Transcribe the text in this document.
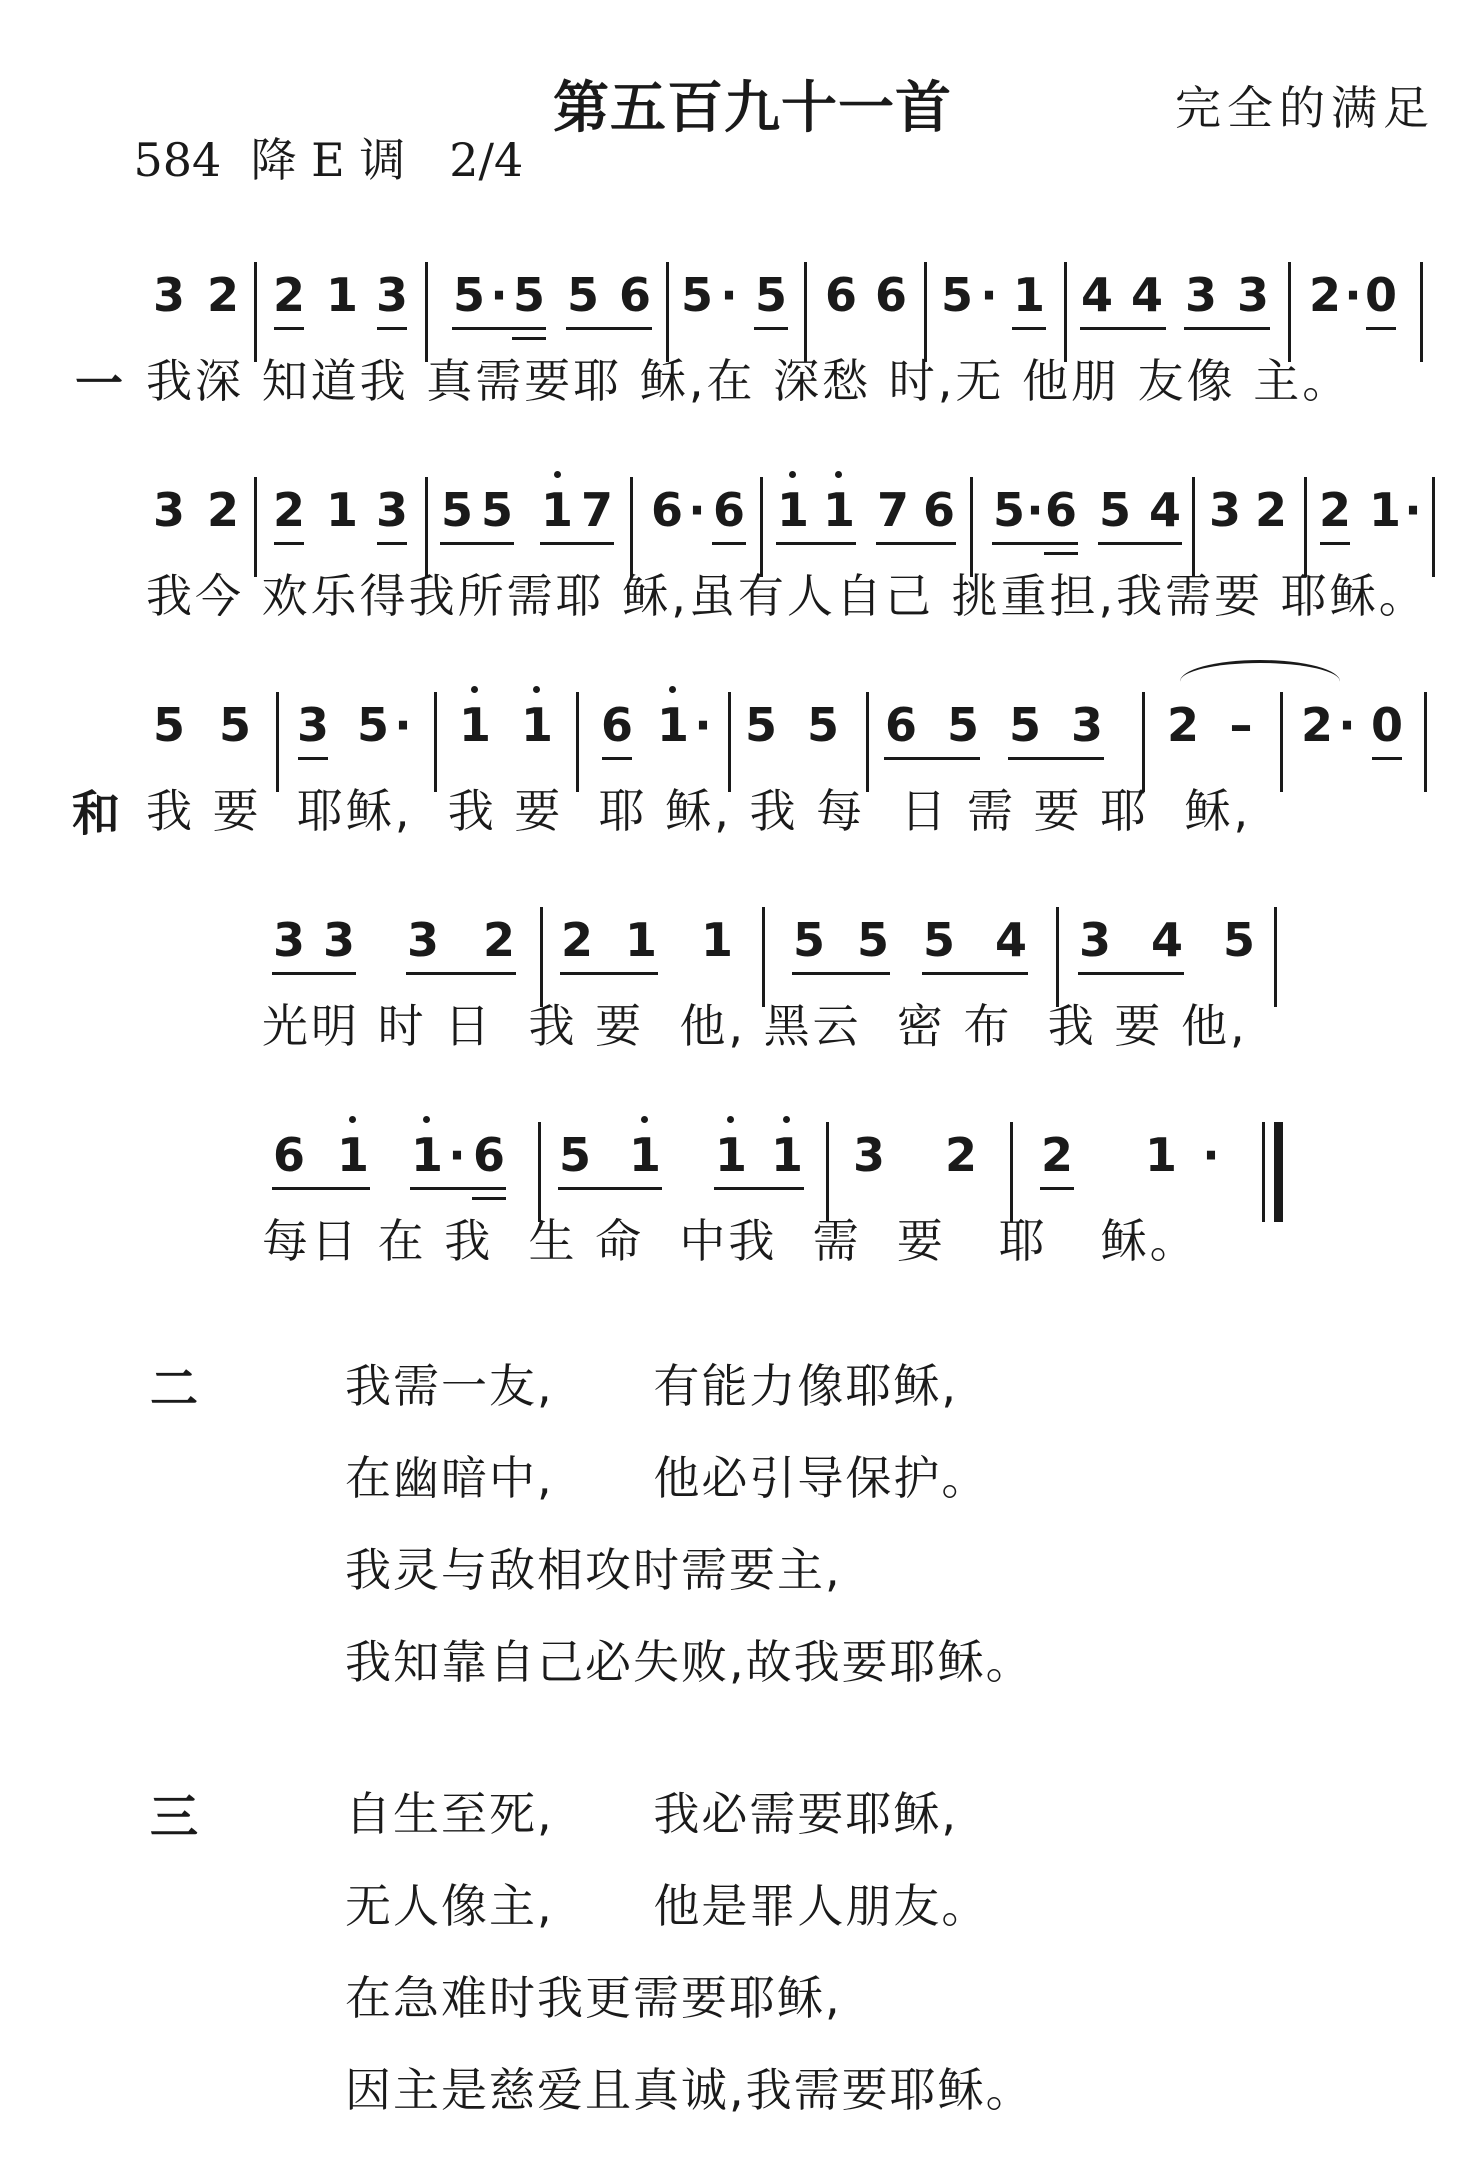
584 降 E 调 2/4

第五百九十一首	完全的满足
3 2 2 1 3 5 · 5 5 6 5 · 5 6 6 5 · 1 4 4 3 3 2 · 0
一 我深 知道我 真需要耶 稣,在 深愁 时,无 他朋 友像 主。
3 2 2 1 3 5 5 1 7 6 · 6 1 1 7 6 5 · 6 5 4 3 2 2 1 ·
我今 欢乐得我所需耶 稣,虽有人自己 挑重担,我需要 耶稣。
5 5 3 5 · 1 1 6 1 · 5 5 6 5 5 3 2 – 2 · 0
和 我 要  耶稣,  我 要  耶 稣, 我 每  日 需 要 耶  稣,
3 3 3 2 2 1 1 5 5 5 4 3 4 5
光明 时 日  我 要  他, 黑云  密 布  我 要 他,
6 1 1 · 6 5 1 1 1 3 2 2 1 ·
每日 在 我  生 命  中我  需  要   耶   稣。
二	我需一友,      有能力像耶稣,
在幽暗中,      他必引导保护。
我灵与敌相攻时需要主,
我知靠自己必失败,故我要耶稣。
三	自生至死,      我必需要耶稣,
无人像主,      他是罪人朋友。
在急难时我更需要耶稣,
因主是慈爱且真诚,我需要耶稣。
